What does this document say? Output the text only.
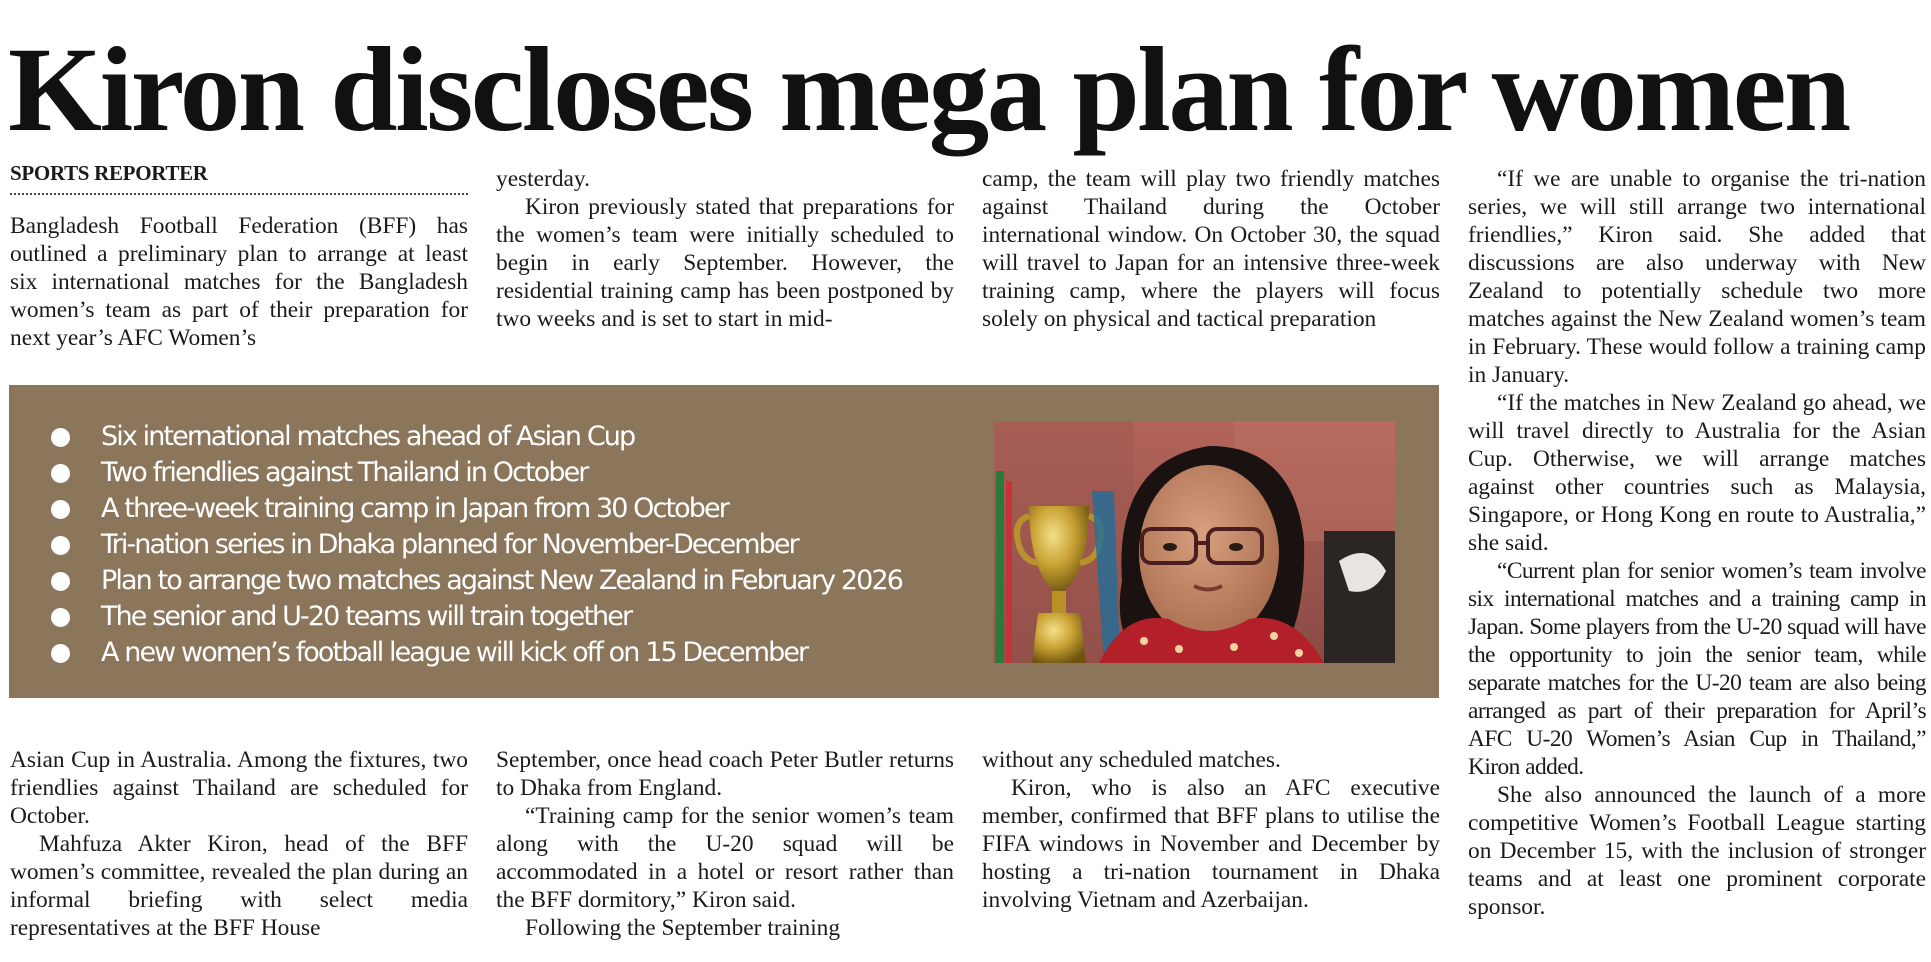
Kiron discloses mega plan for women
SPORTS REPORTER

Bangladesh Football Federation (BFF) has outlined a preliminary plan to arrange at least six international matches for the Bangladesh women’s team as part of their preparation for next year’s AFC Women’s

Asian Cup in Australia. Among the fixtures, two friendlies against Thailand are scheduled for October.

Mahfuza Akter Kiron, head of the BFF women’s committee, revealed the plan during an informal briefing with select media representatives at the BFF House

yesterday.

Kiron previously stated that preparations for the women’s team were initially scheduled to begin in early September. However, the residential training camp has been postponed by two weeks and is set to start in mid-

September, once head coach Peter Butler returns to Dhaka from England.

“Training camp for the senior women’s team along with the U-20 squad will be accommodated in a hotel or resort rather than the BFF dormitory,” Kiron said.

Following the September training

camp, the team will play two friendly matches against Thailand during the October international window. On October 30, the squad will travel to Japan for an intensive three-week training camp, where the players will focus solely on physical and tactical preparation

without any scheduled matches.

Kiron, who is also an AFC executive member, confirmed that BFF plans to utilise the FIFA windows in November and December by hosting a tri-nation tournament in Dhaka involving Vietnam and Azerbaijan.

“If we are unable to organise the tri-nation series, we will still arrange two international friendlies,” Kiron said. She added that discussions are also underway with New Zealand to potentially schedule two more matches against the New Zealand women’s team in February. These would follow a training camp in January.

“If the matches in New Zealand go ahead, we will travel directly to Australia for the Asian Cup. Otherwise, we will arrange matches against other countries such as Malaysia, Singapore, or Hong Kong en route to Australia,” she said.

“Current plan for senior women’s team involve six international matches and a training camp in Japan. Some players from the U-20 squad will have the opportunity to join the senior team, while separate matches for the U-20 team are also being arranged as part of their preparation for April’s AFC U-20 Women’s Asian Cup in Thailand,” Kiron added.

She also announced the launch of a more competitive Women’s Football League starting on December 15, with the inclusion of stronger teams and at least one prominent corporate sponsor.

Six international matches ahead of Asian Cup
Two friendlies against Thailand in October
A three-week training camp in Japan from 30 October
Tri-nation series in Dhaka planned for November-December
Plan to arrange two matches against New Zealand in February 2026
The senior and U-20 teams will train together
A new women’s football league will kick off on 15 December
